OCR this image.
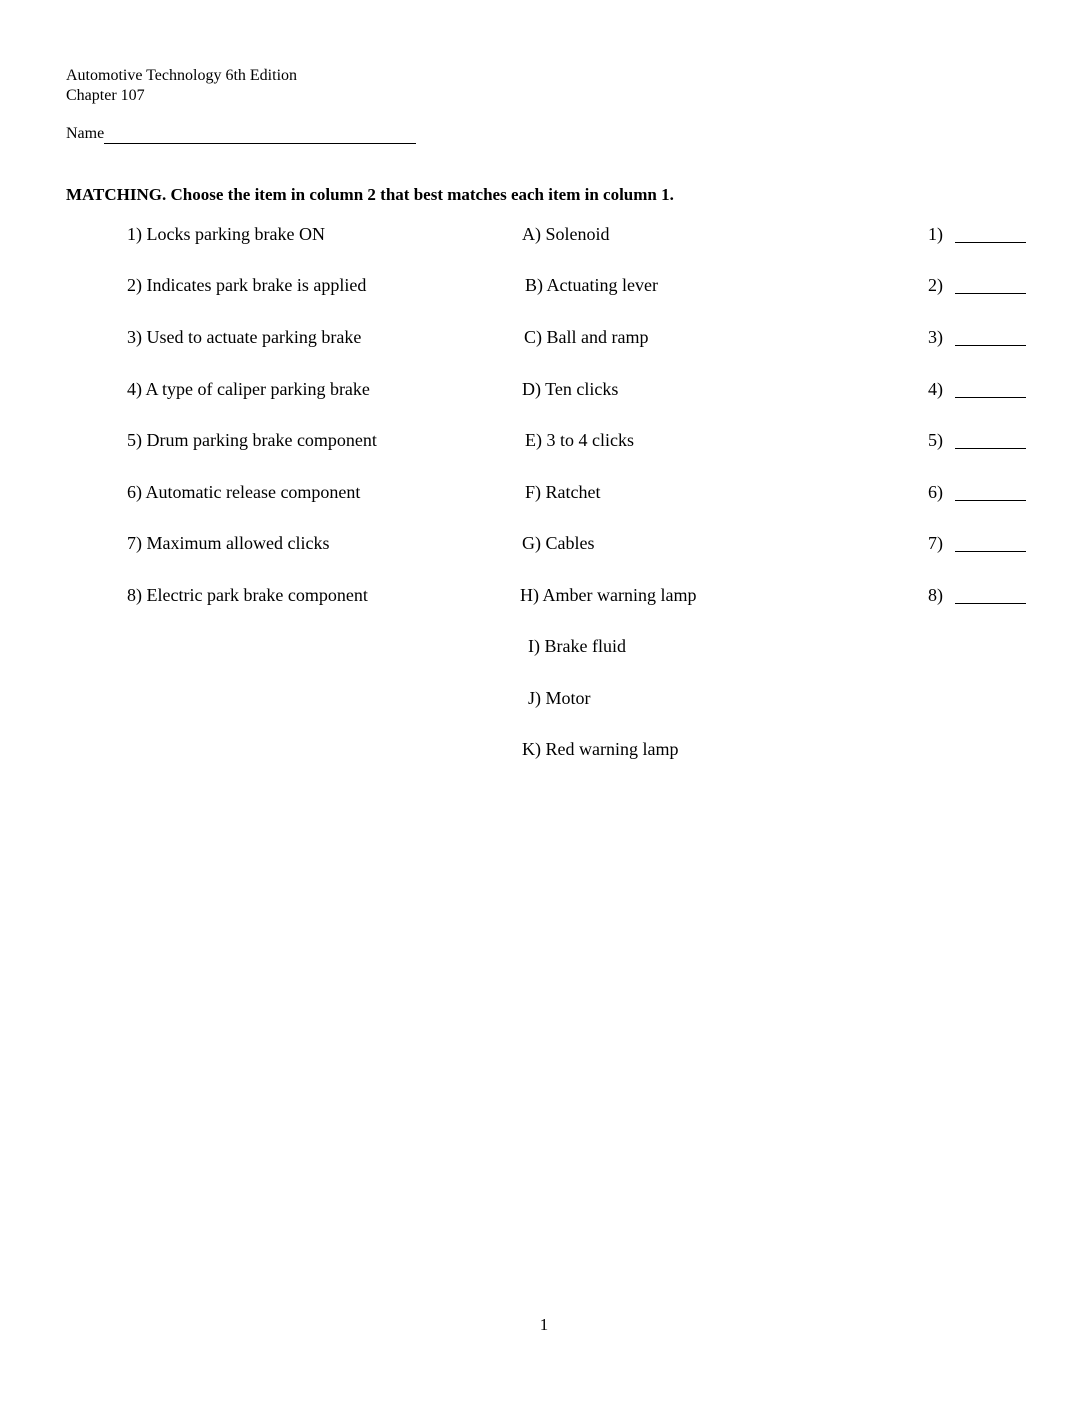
Automotive Technology 6th Edition
Chapter 107
Name
MATCHING. Choose the item in column 2 that best matches each item in column 1.
1) Locks parking brake ON	A) Solenoid	1)
2) Indicates park brake is applied	B) Actuating lever	2)
3) Used to actuate parking brake	C) Ball and ramp	3)
4) A type of caliper parking brake	D) Ten clicks	4)
5) Drum parking brake component	E) 3 to 4 clicks	5)
6) Automatic release component	F) Ratchet	6)
7) Maximum allowed clicks	G) Cables	7)
8) Electric park brake component	H) Amber warning lamp	8)
I) Brake fluid
J) Motor
K) Red warning lamp
1
